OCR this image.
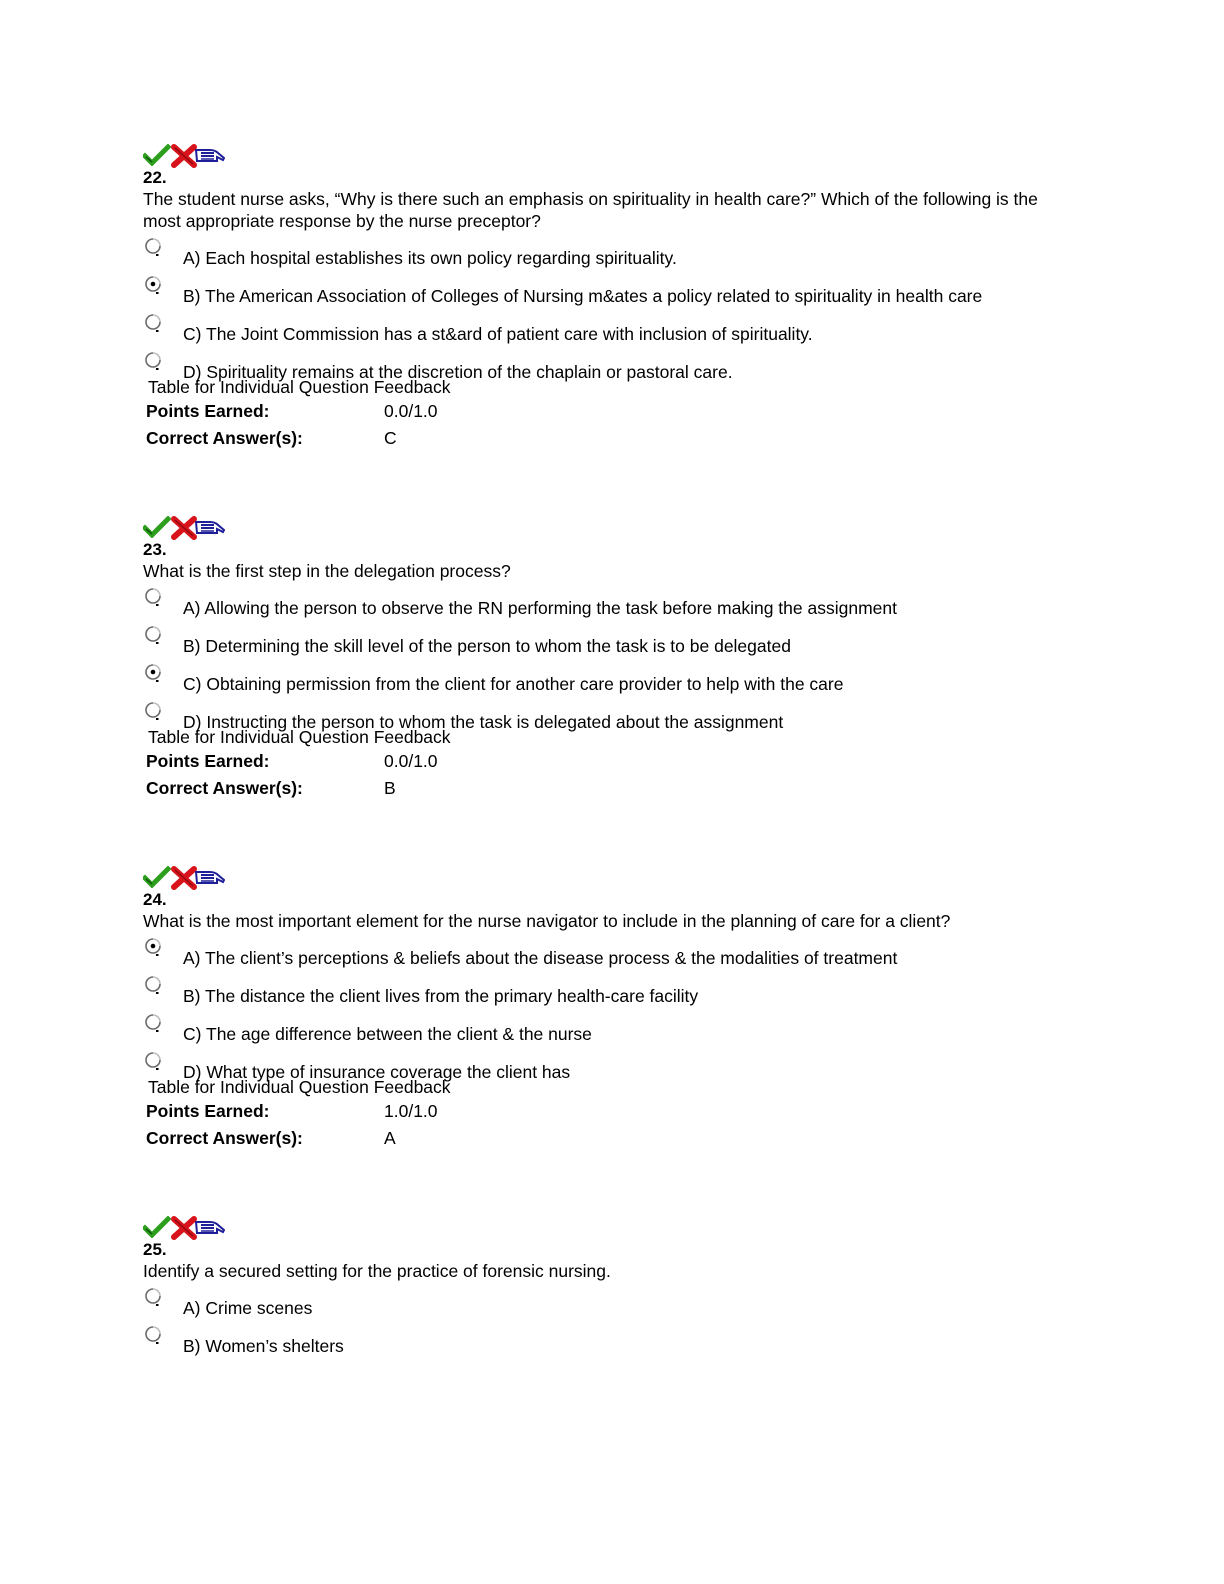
22.
The student nurse asks, “Why is there such an emphasis on spirituality in health care?” Which of the following is the most appropriate response by the nurse preceptor?
A) Each hospital establishes its own policy regarding spirituality.
B) The American Association of Colleges of Nursing m&ates a policy related to spirituality in health care
C) The Joint Commission has a st&ard of patient care with inclusion of spirituality.
D) Spirituality remains at the discretion of the chaplain or pastoral care.
Table for Individual Question Feedback
Points Earned:	0.0/1.0
Correct Answer(s):	C
23.
What is the first step in the delegation process?
A) Allowing the person to observe the RN performing the task before making the assignment
B) Determining the skill level of the person to whom the task is to be delegated
C) Obtaining permission from the client for another care provider to help with the care
D) Instructing the person to whom the task is delegated about the assignment
Table for Individual Question Feedback
Points Earned:	0.0/1.0
Correct Answer(s):	B
24.
What is the most important element for the nurse navigator to include in the planning of care for a client?
A) The client’s perceptions & beliefs about the disease process & the modalities of treatment
B) The distance the client lives from the primary health-care facility
C) The age difference between the client & the nurse
D) What type of insurance coverage the client has
Table for Individual Question Feedback
Points Earned:	1.0/1.0
Correct Answer(s):	A
25.
Identify a secured setting for the practice of forensic nursing.
A) Crime scenes
B) Women’s shelters
